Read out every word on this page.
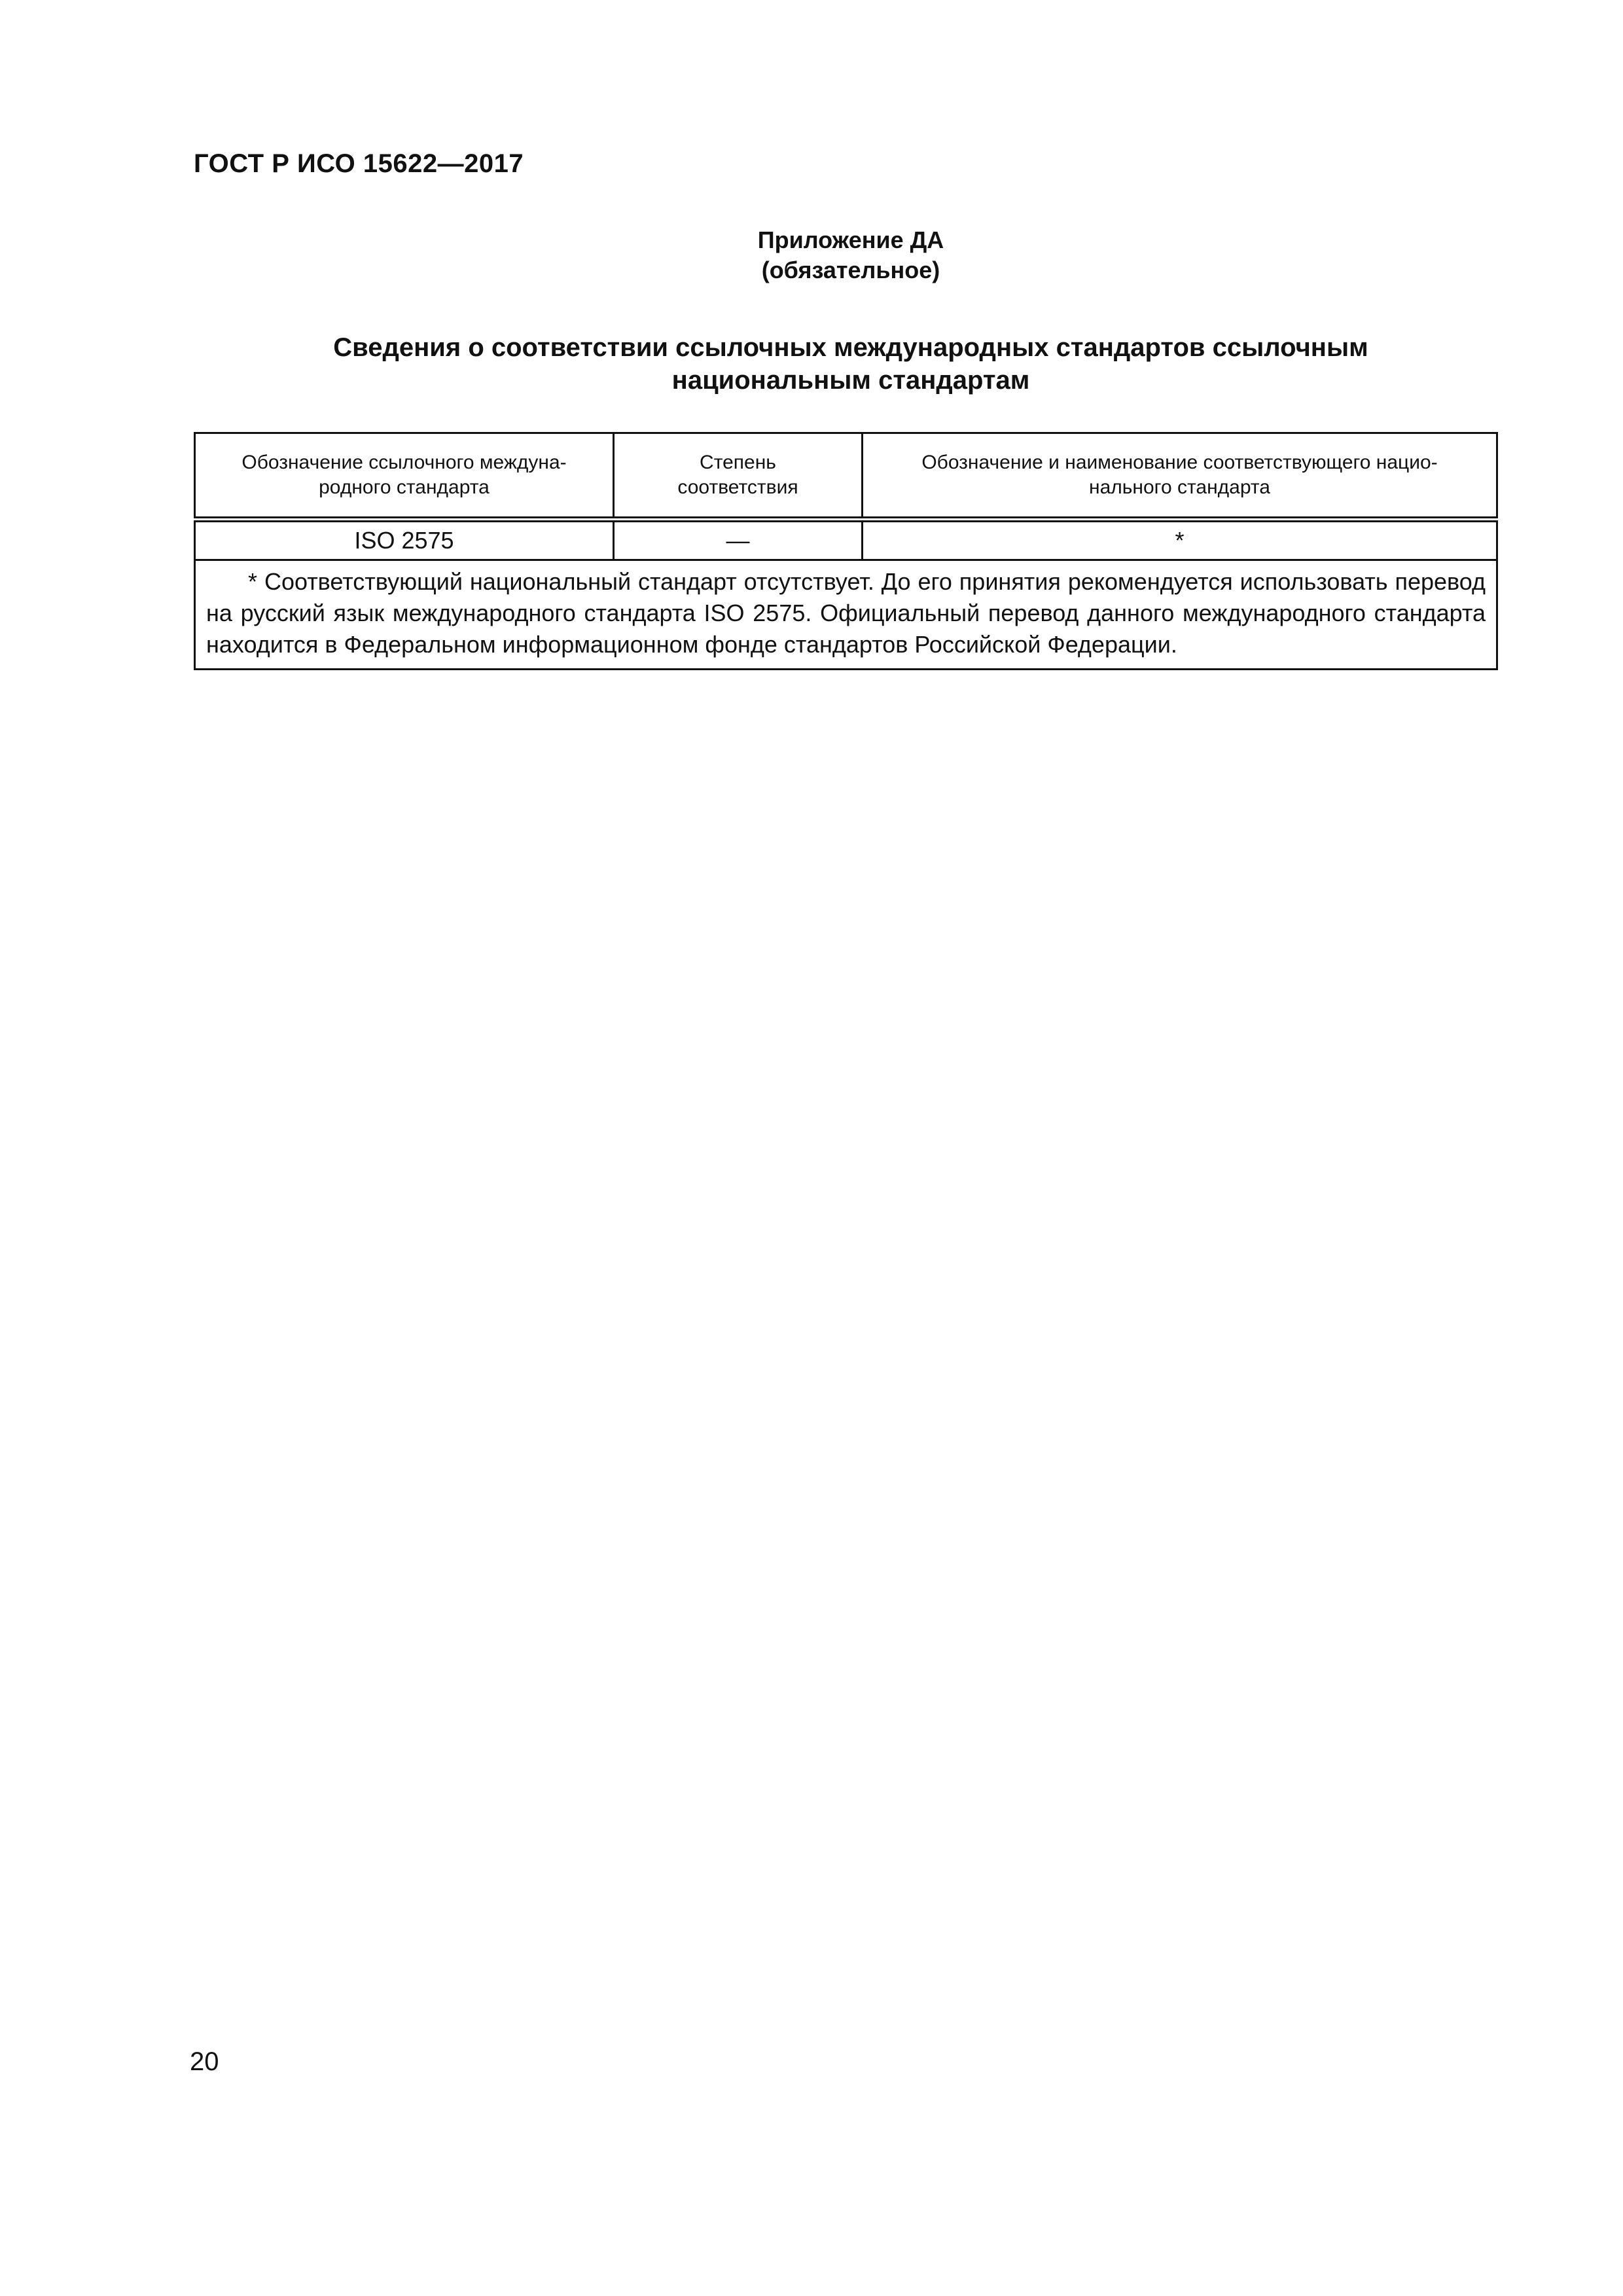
ГОСТ Р ИСО 15622—2017

Приложение ДА

(обязательное)

Сведения о соответствии ссылочных международных стандартов ссылочным
национальным стандартам
Обозначение ссылочного междуна-родного стандарта	Степень соответствия	Обозначение и наименование соответствующего нацио-нального стандарта
ISO 2575	—	*
* Соответствующий национальный стандарт отсутствует. До его принятия рекомендуется использовать перевод на русский язык международного стандарта ISO 2575. Официальный перевод данного международного стандарта находится в Федеральном информационном фонде стандартов Российской Федерации.		

20
